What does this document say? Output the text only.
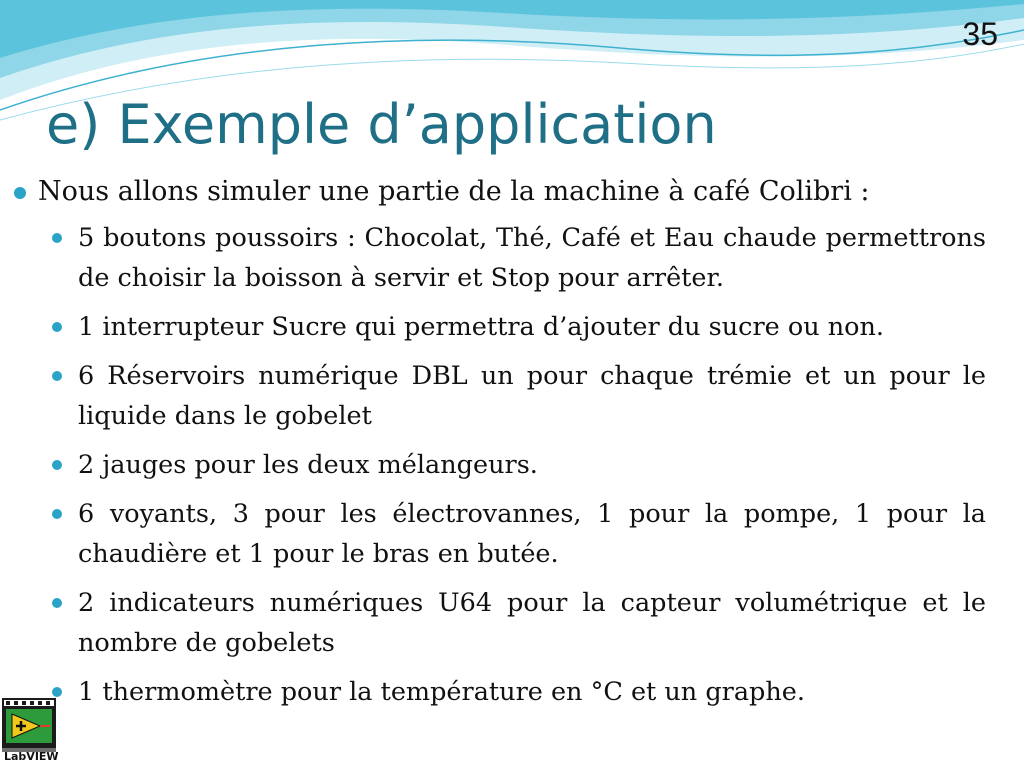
35
e) Exemple d’application
Nous allons simuler une partie de la machine à café Colibri :
5 boutons poussoirs : Chocolat, Thé, Café et Eau chaude permettrons de choisir la boisson à servir et Stop pour arrêter.
1 interrupteur Sucre qui permettra d’ajouter du sucre ou non.
6 Réservoirs numérique DBL un pour chaque trémie et un pour le liquide dans le gobelet
2 jauges pour les deux mélangeurs.
6 voyants, 3 pour les électrovannes, 1 pour la pompe, 1 pour la chaudière et 1 pour le bras en butée.
2 indicateurs numériques U64 pour la capteur volumétrique et le nombre de gobelets
1 thermomètre pour la température en °C et un graphe.
LabVIEW
